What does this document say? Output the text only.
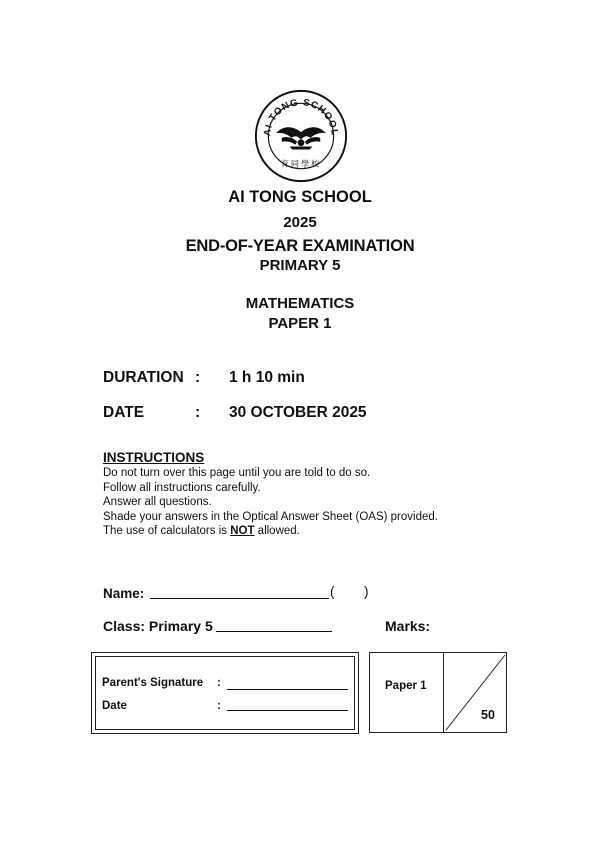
AI TONG SCHOOL
育同學校
AI TONG SCHOOL
2025
END-OF-YEAR EXAMINATION
PRIMARY 5
MATHEMATICS
PAPER 1
DURATION : 1 h 10 min
DATE	: 30 OCTOBER 2025
INSTRUCTIONS
Do not turn over this page until you are told to do so.
Follow all instructions carefully.
Answer all questions.
Shade your answers in the Optical Answer Sheet (OAS) provided.
The use of calculators is NOT allowed.
Name:	( )
Class: Primary 5	Marks:
Parent's Signature :
Date	:
Paper 1
50
